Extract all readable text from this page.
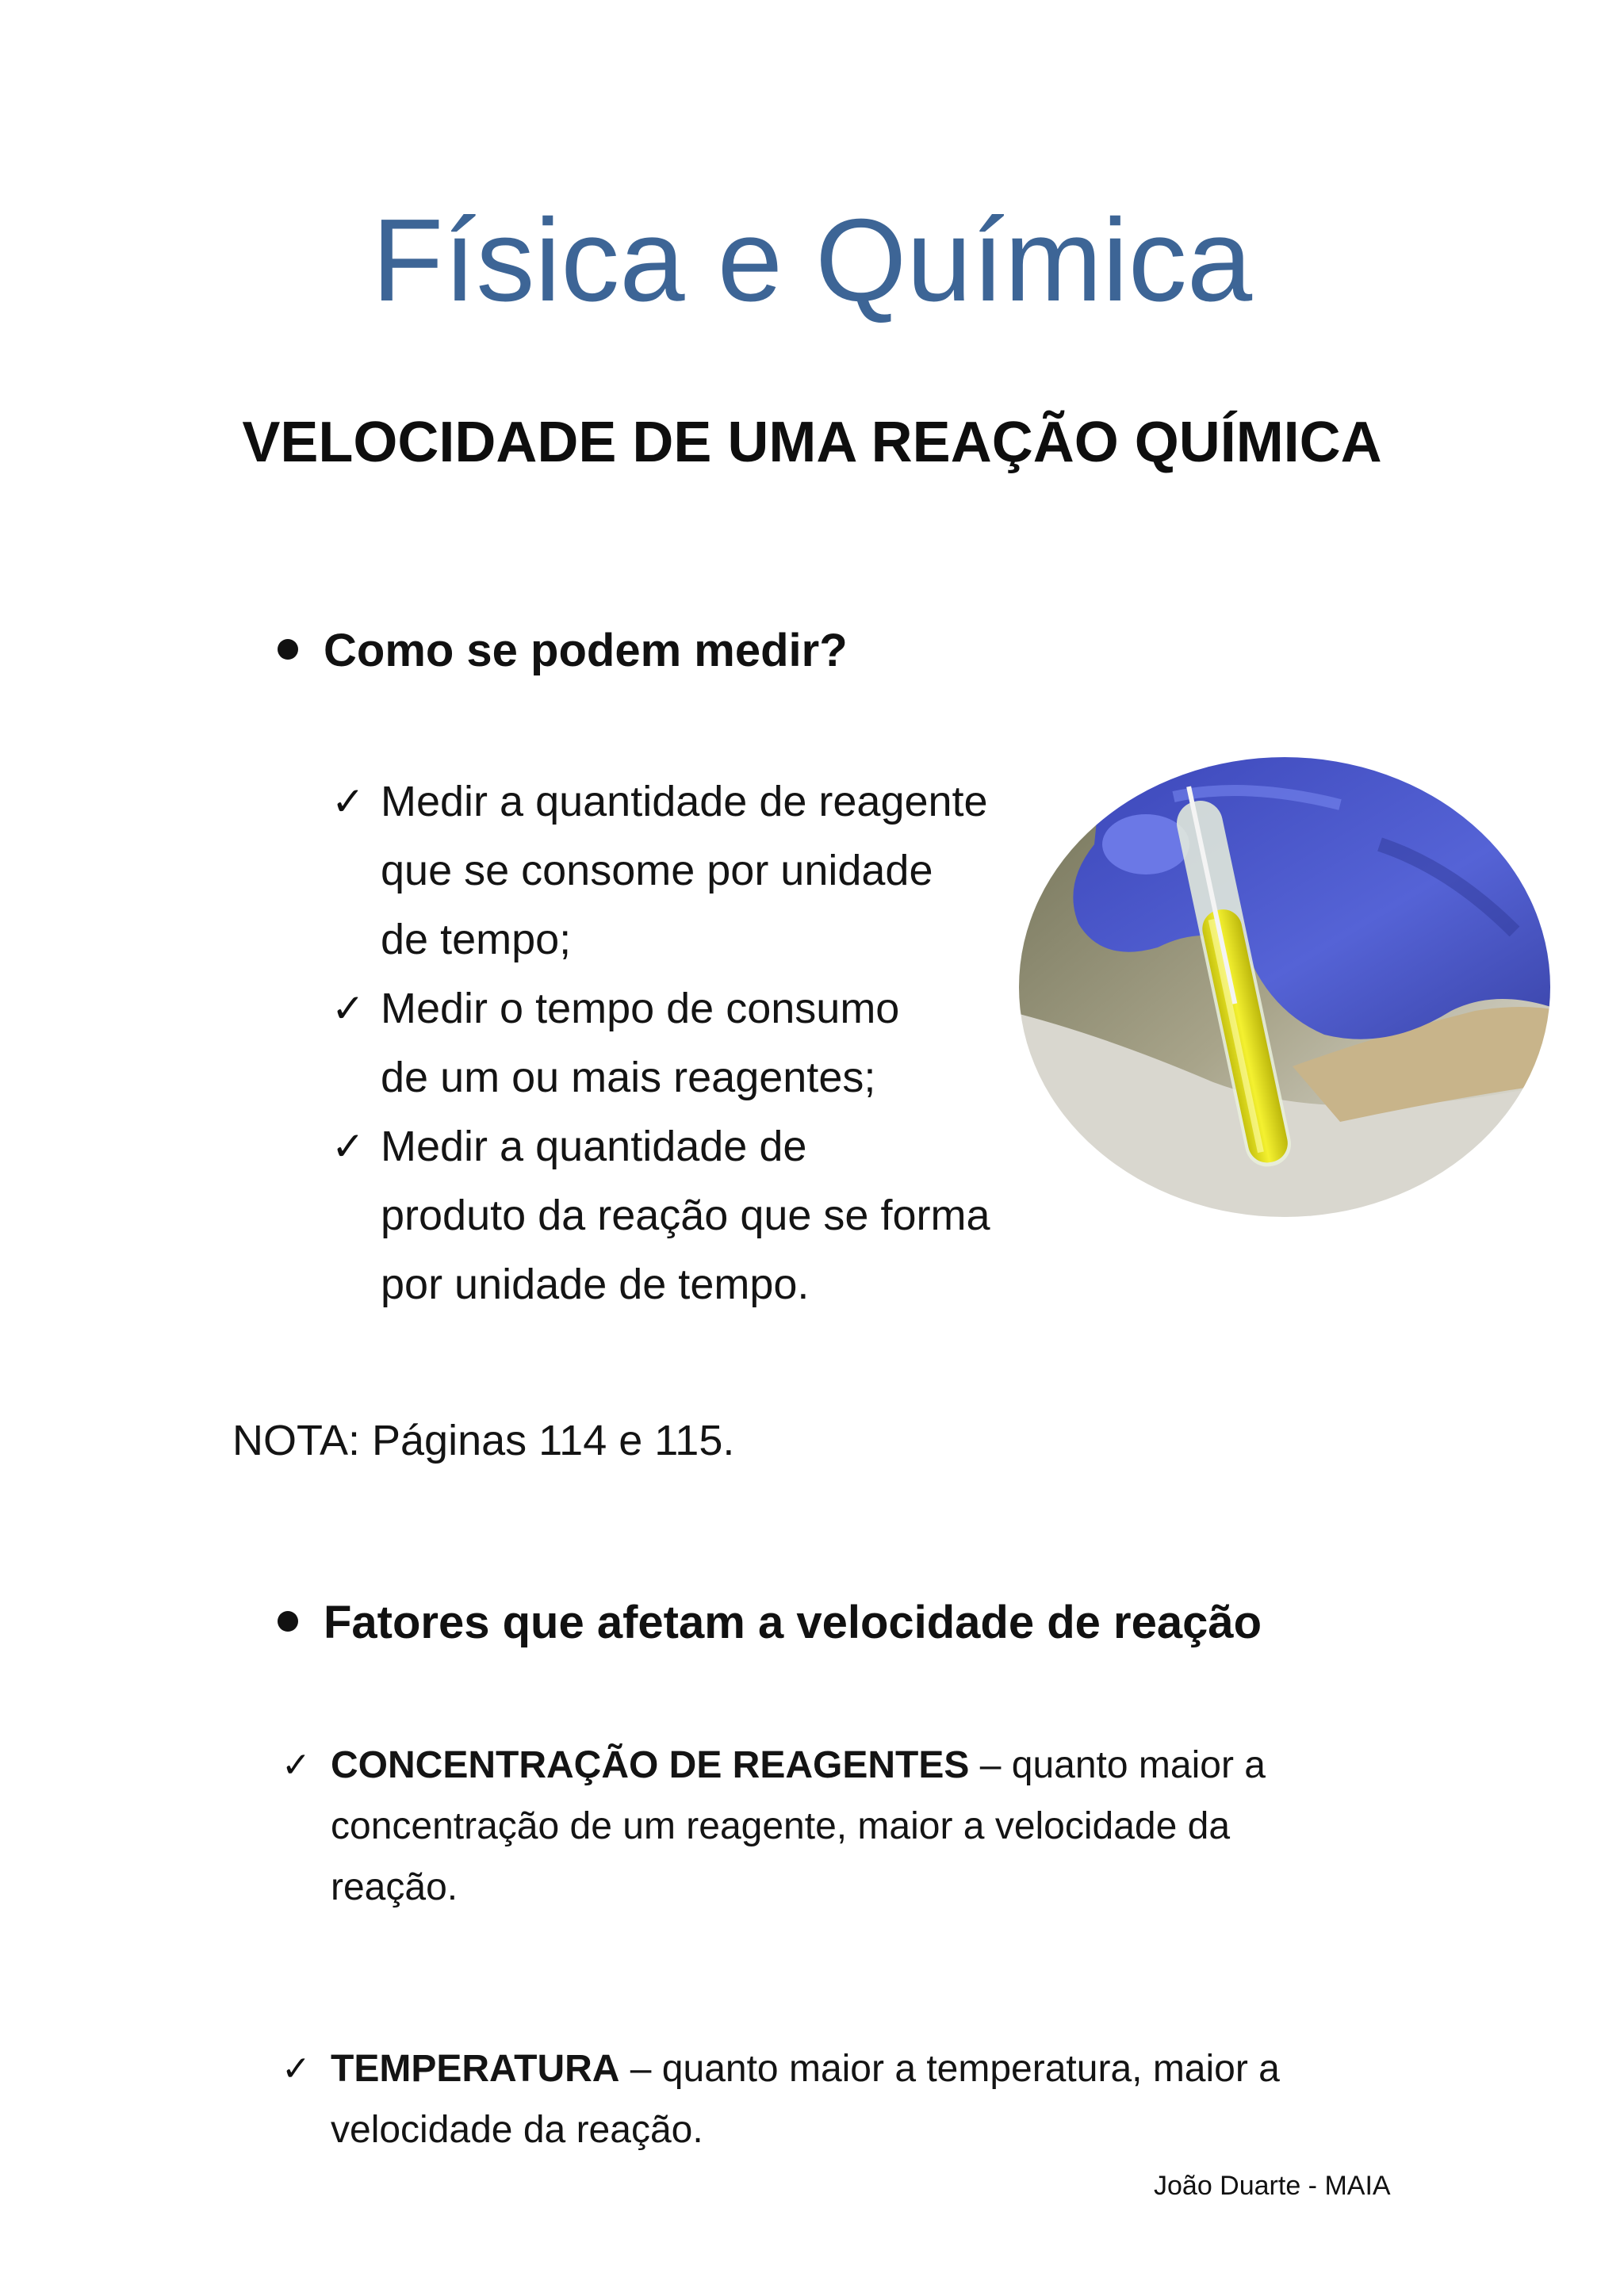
Física e Química
VELOCIDADE DE UMA REAÇÃO QUÍMICA
Como se podem medir?
✓ Medir a quantidade de reagente
que se consome por unidade
de tempo;
✓ Medir o tempo de consumo
de um ou mais reagentes;
✓ Medir a quantidade de
produto da reação que se forma
por unidade de tempo.
NOTA: Páginas 114 e 115.
Fatores que afetam a velocidade de reação
✓ CONCENTRAÇÃO DE REAGENTES – quanto maior a
concentração de um reagente, maior a velocidade da
reação.
✓ TEMPERATURA – quanto maior a temperatura, maior a
velocidade da reação.
João Duarte - MAIA
